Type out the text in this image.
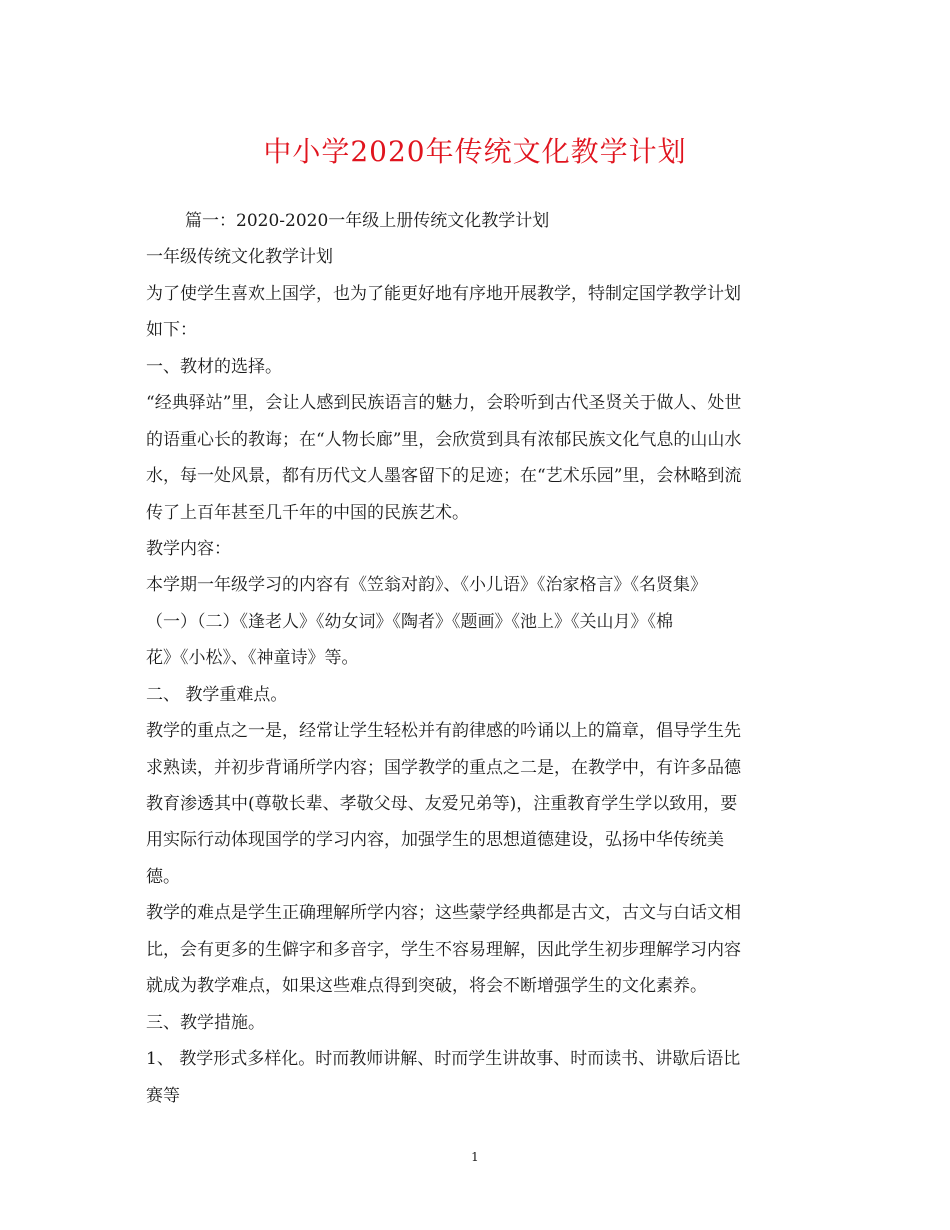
中小学2020年传统文化教学计划
篇一：2020-2020一年级上册传统文化教学计划
一年级传统文化教学计划
为了使学生喜欢上国学，也为了能更好地有序地开展教学，特制定国学教学计划
如下：
一、教材的选择。
“经典驿站”里，会让人感到民族语言的魅力，会聆听到古代圣贤关于做人、处世
的语重心长的教诲；在“人物长廊”里，会欣赏到具有浓郁民族文化气息的山山水
水，每一处风景，都有历代文人墨客留下的足迹；在“艺术乐园”里，会林略到流
传了上百年甚至几千年的中国的民族艺术。
教学内容：
本学期一年级学习的内容有《笠翁对韵》、《小儿语》《治家格言》《名贤集》
（一）（二）《逢老人》《幼女词》《陶者》《题画》《池上》《关山月》《棉
花》《小松》、《神童诗》等。
二、 教学重难点。
教学的重点之一是，经常让学生轻松并有韵律感的吟诵以上的篇章，倡导学生先
求熟读，并初步背诵所学内容；国学教学的重点之二是，在教学中，有许多品德
教育渗透其中(尊敬长辈、孝敬父母、友爱兄弟等)，注重教育学生学以致用，要
用实际行动体现国学的学习内容，加强学生的思想道德建设，弘扬中华传统美
德。
教学的难点是学生正确理解所学内容；这些蒙学经典都是古文，古文与白话文相
比，会有更多的生僻字和多音字，学生不容易理解，因此学生初步理解学习内容
就成为教学难点，如果这些难点得到突破，将会不断增强学生的文化素养。
三、教学措施。
1、 教学形式多样化。时而教师讲解、时而学生讲故事、时而读书、讲歇后语比
赛等
1
